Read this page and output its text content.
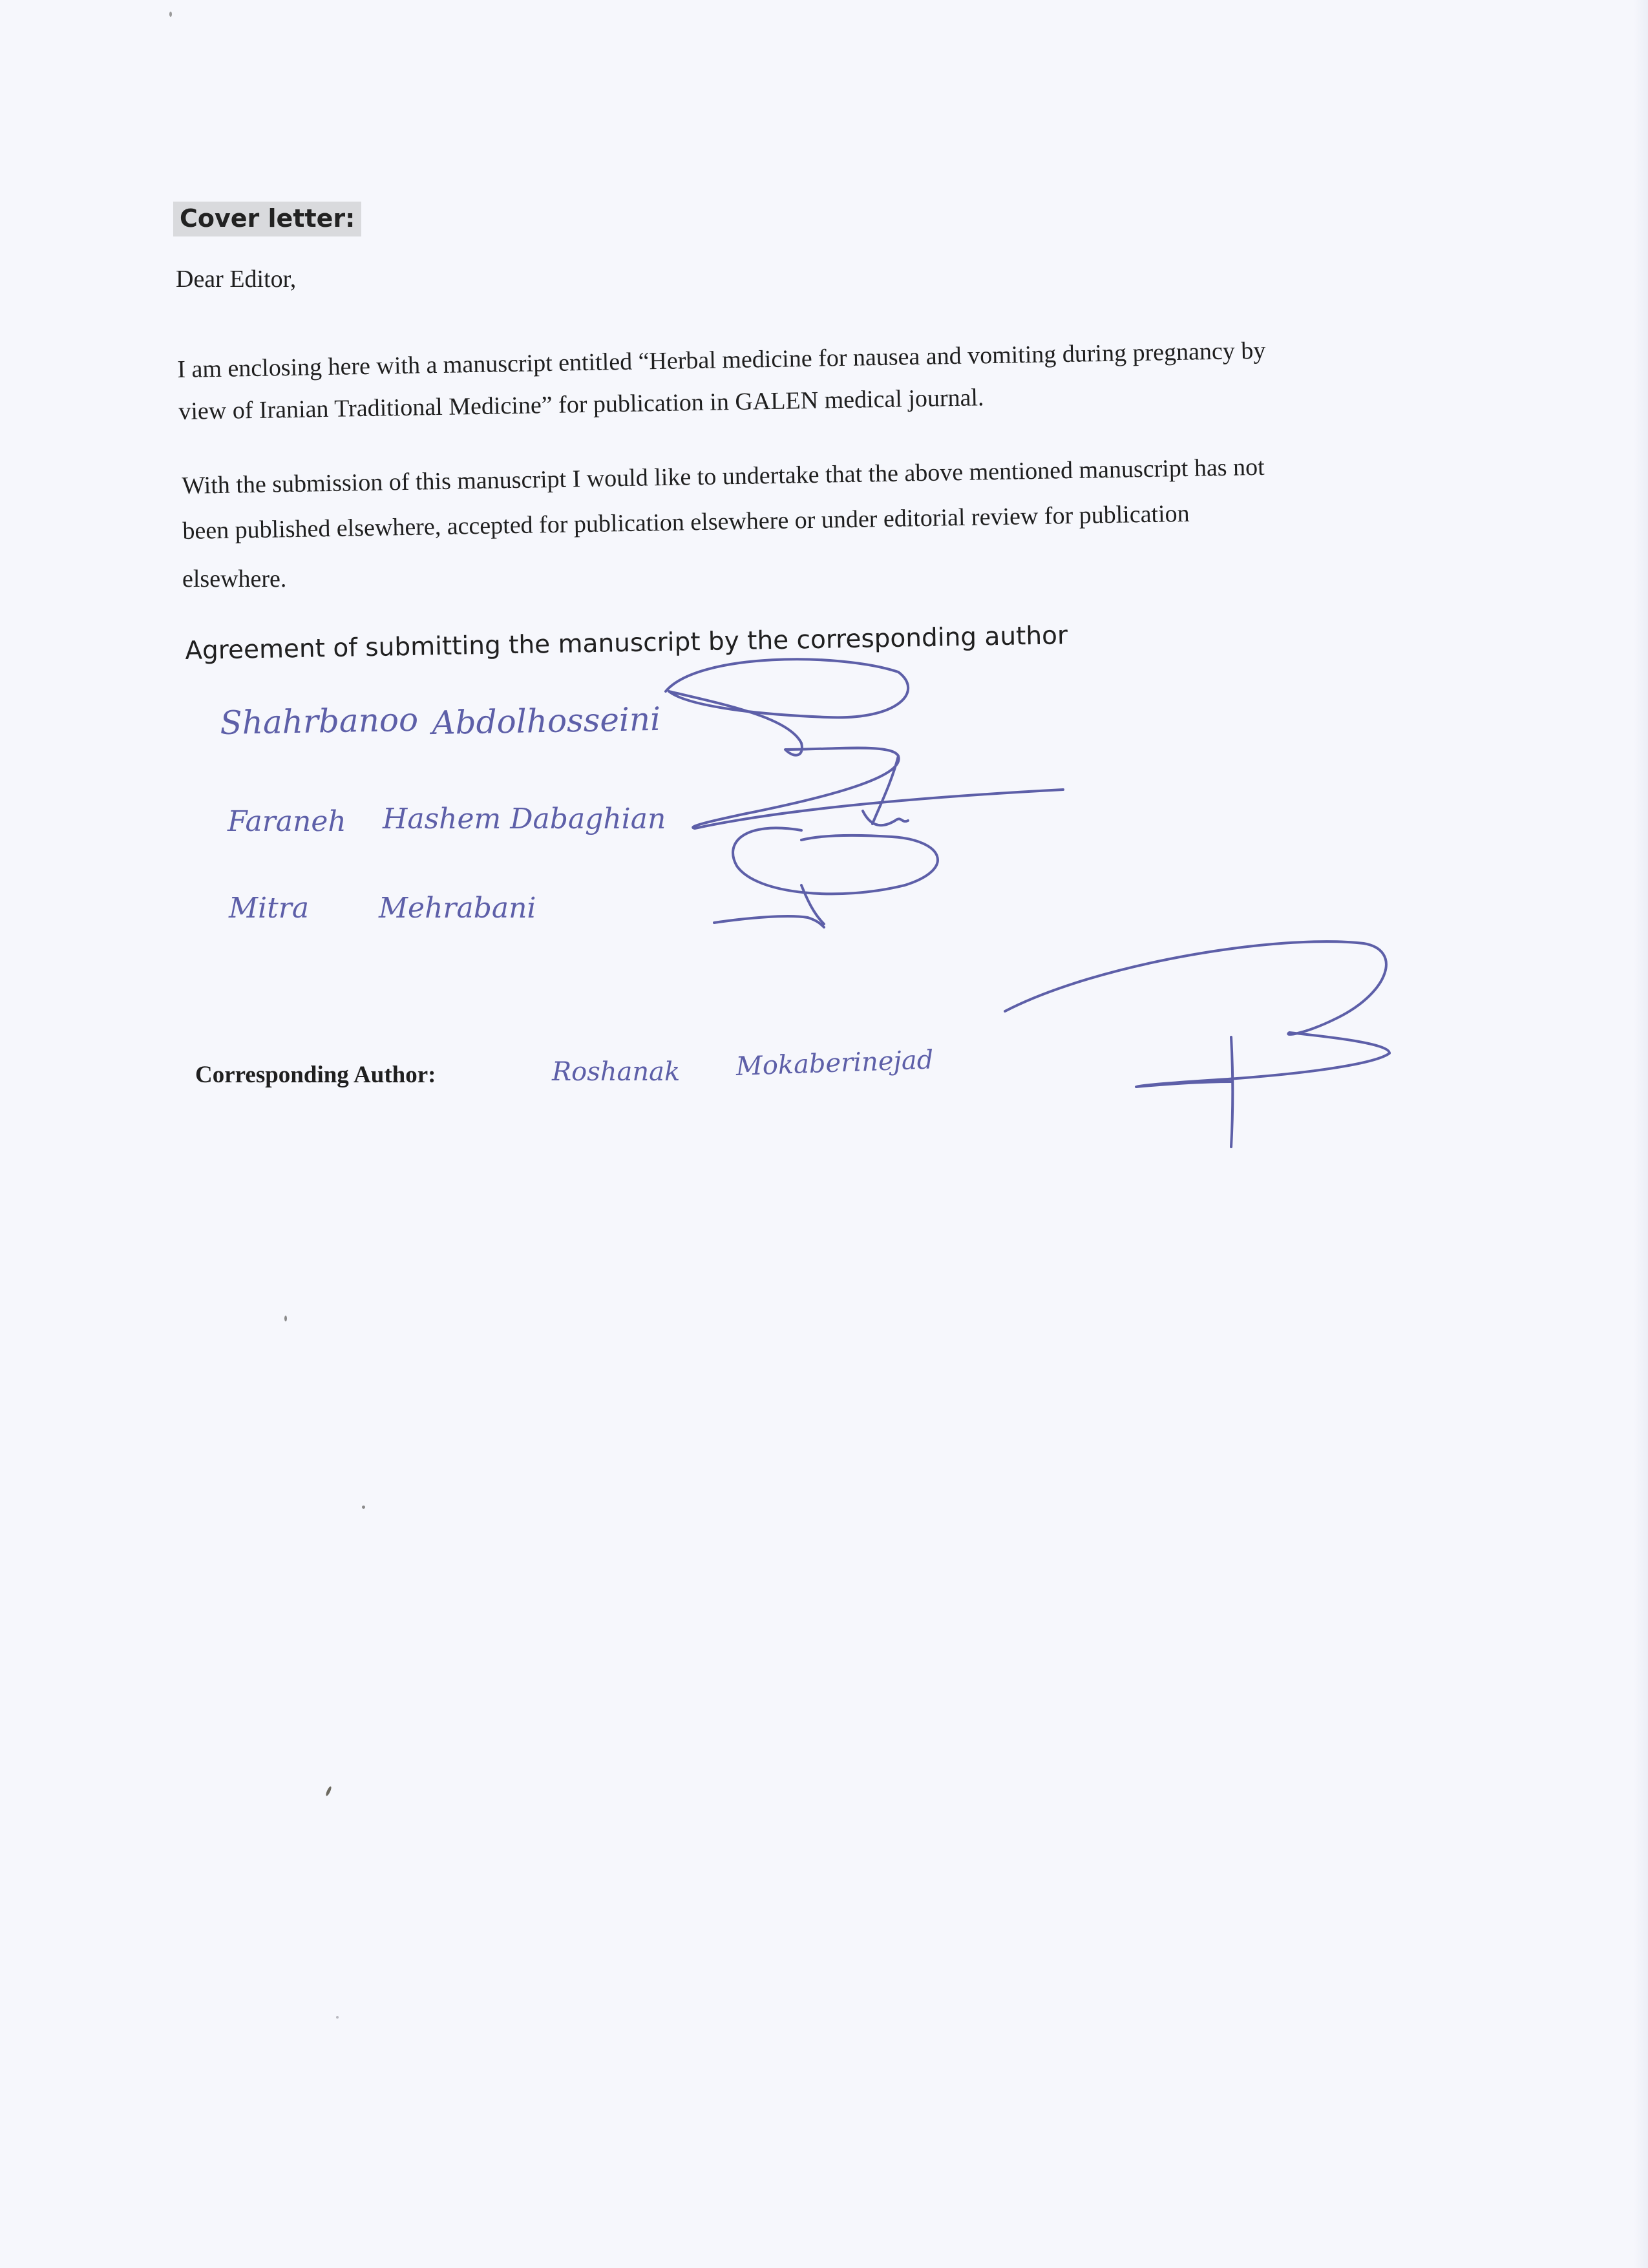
Cover letter:
Dear Editor,
I am enclosing here with a manuscript entitled “Herbal medicine for nausea and vomiting during pregnancy by
view of Iranian Traditional Medicine” for publication in GALEN medical journal.
With the submission of this manuscript I would like to undertake that the above mentioned manuscript has not
been published elsewhere, accepted for publication elsewhere or under editorial review for publication
elsewhere.
Agreement of submitting the manuscript by the corresponding author
Shahrbanoo Abdolhosseini
Faraneh Hashem Dabaghian
Mitra Mehrabani
Corresponding Author:	Roshanak Mokaberinejad
